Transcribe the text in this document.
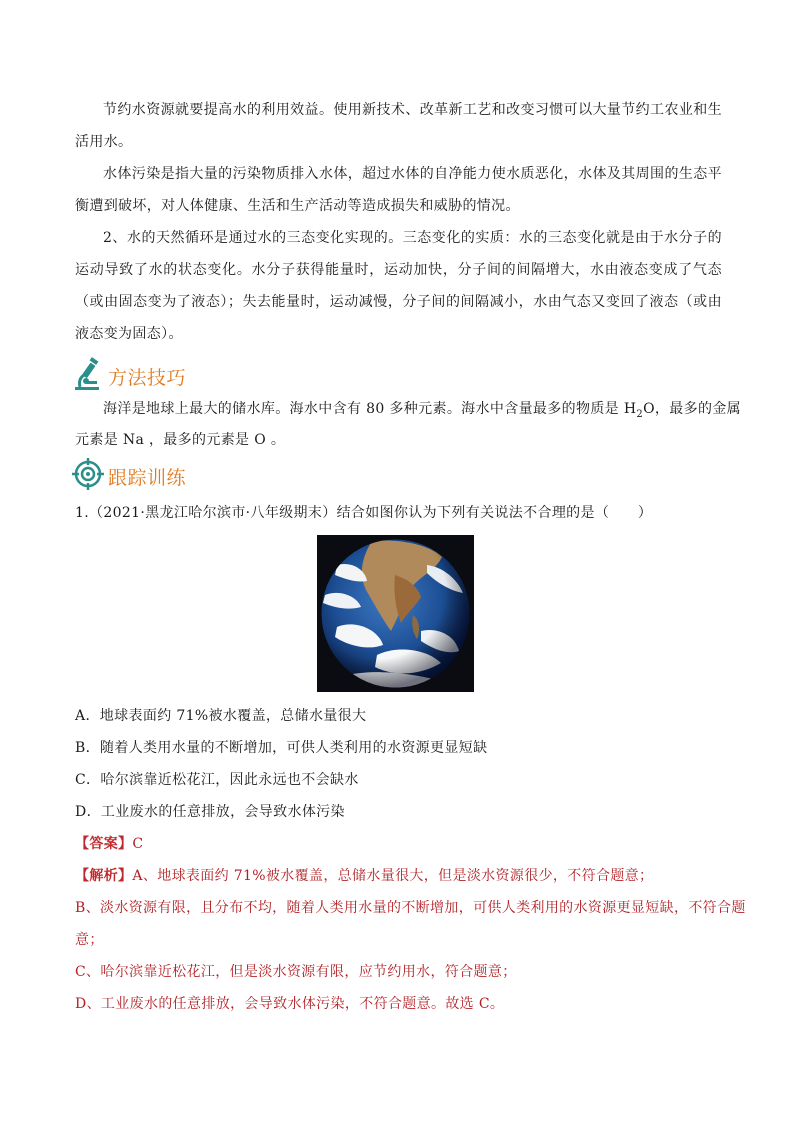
节约水资源就要提高水的利用效益。使用新技术、改革新工艺和改变习惯可以大量节约工农业和生活用水。

水体污染是指大量的污染物质排入水体，超过水体的自净能力使水质恶化，水体及其周围的生态平衡遭到破坏，对人体健康、生活和生产活动等造成损失和威胁的情况。

2、水的天然循环是通过水的三态变化实现的。三态变化的实质：水的三态变化就是由于水分子的运动导致了水的状态变化。水分子获得能量时，运动加快，分子间的间隔增大，水由液态变成了气态（或由固态变为了液态）；失去能量时，运动减慢，分子间的间隔减小，水由气态又变回了液态（或由液态变为固态）。

方法技巧

海洋是地球上最大的储水库。海水中含有 80 多种元素。海水中含量最多的物质是 $H_2O$，最多的金属

元素是 Na ，最多的元素是 O 。

跟踪训练

1.（2021·黑龙江哈尔滨市·八年级期末）结合如图你认为下列有关说法不合理的是（　　）

A．地球表面约 71%被水覆盖，总储水量很大

B．随着人类用水量的不断增加，可供人类利用的水资源更显短缺

C．哈尔滨靠近松花江，因此永远也不会缺水

D．工业废水的任意排放，会导致水体污染

【答案】C

【解析】A、地球表面约 71%被水覆盖，总储水量很大，但是淡水资源很少，不符合题意；

B、淡水资源有限，且分布不均，随着人类用水量的不断增加，可供人类利用的水资源更显短缺，不符合题

意；

C、哈尔滨靠近松花江，但是淡水资源有限，应节约用水，符合题意；

D、工业废水的任意排放，会导致水体污染，不符合题意。故选 C。
